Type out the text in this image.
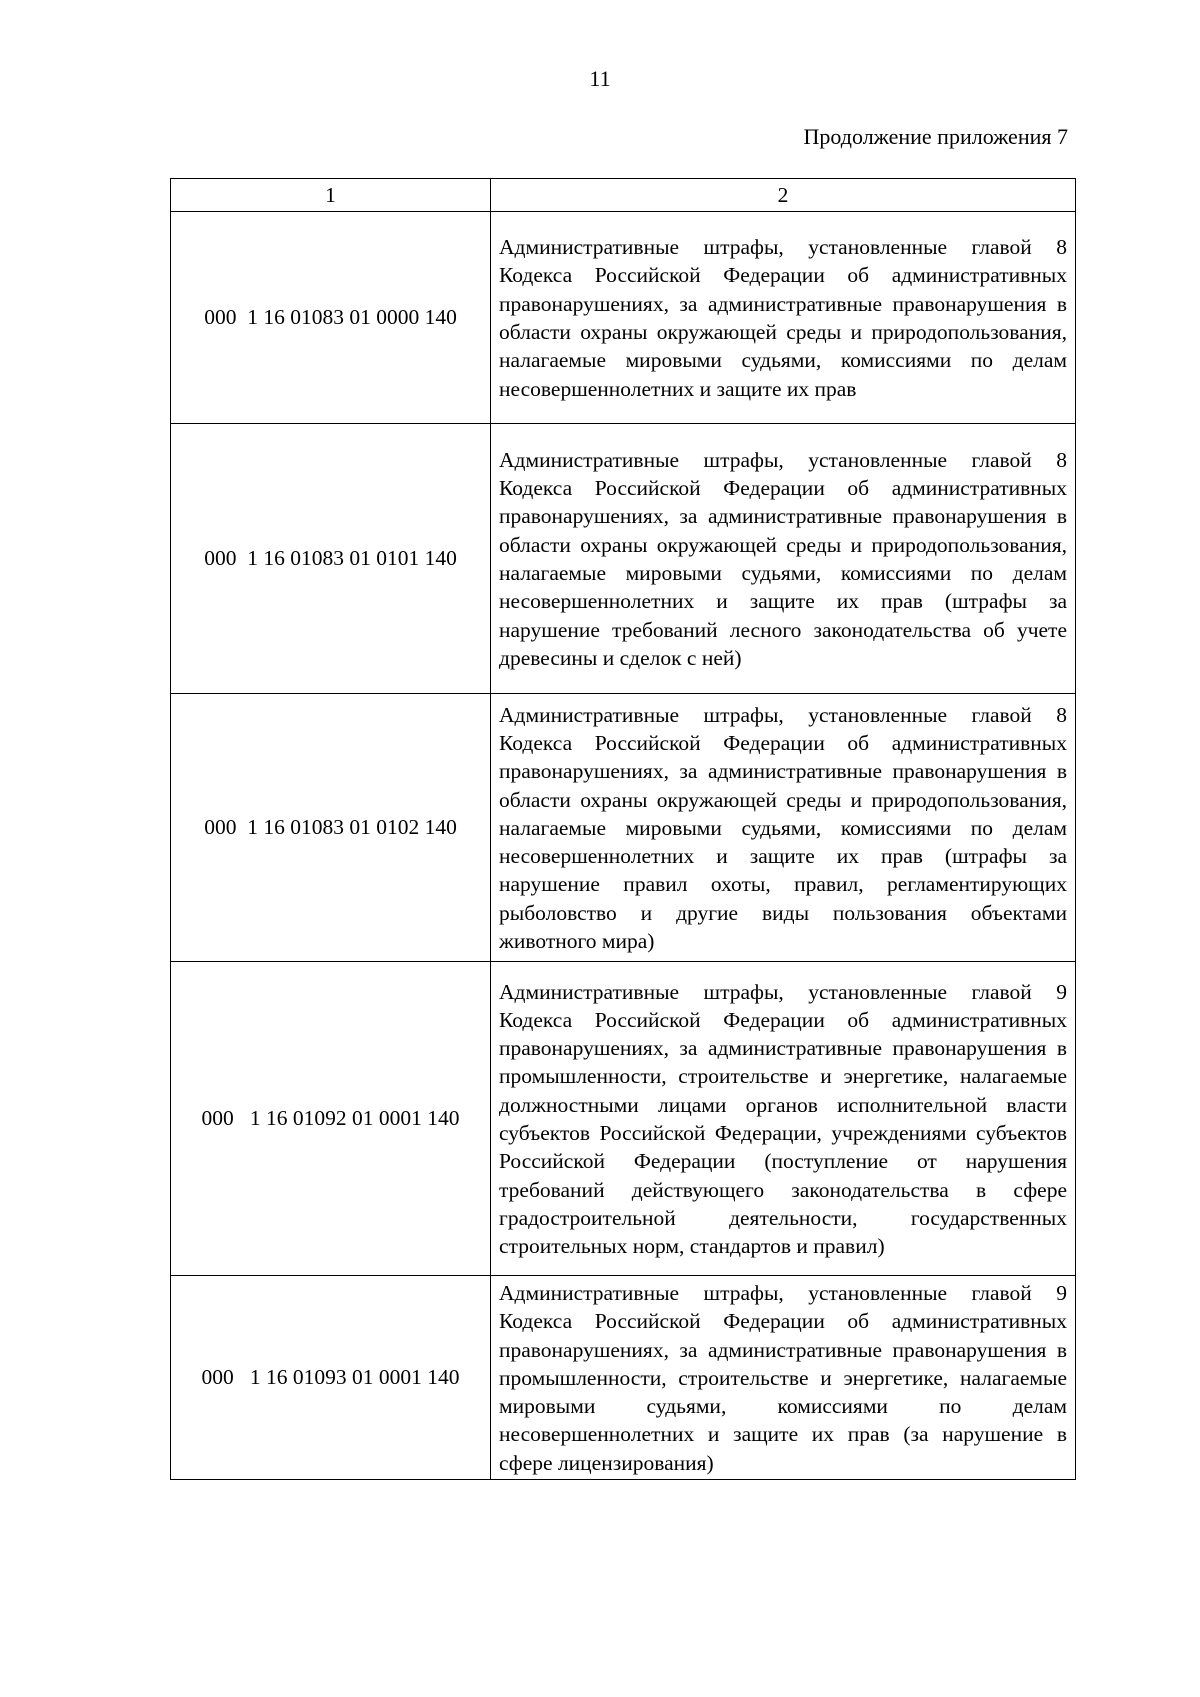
11
Продолжение приложения 7
1	2
000  1 16 01083 01 0000 140	Административные штрафы, установленные главой 8 Кодекса Российской Федерации об административных правонарушениях, за административные правонарушения в области охраны окружающей среды и природопользования, налагаемые мировыми судьями, комиссиями по делам несовершеннолетних и защите их прав
000  1 16 01083 01 0101 140	Административные штрафы, установленные главой 8 Кодекса Российской Федерации об административных правонарушениях, за административные правонарушения в области охраны окружающей среды и природопользования, налагаемые мировыми судьями, комиссиями по делам несовершеннолетних и защите их прав (штрафы за нарушение требований лесного законодательства об учете древесины и сделок с ней)
000  1 16 01083 01 0102 140	Административные штрафы, установленные главой 8 Кодекса Российской Федерации об административных правонарушениях, за административные правонарушения в области охраны окружающей среды и природопользования, налагаемые мировыми судьями, комиссиями по делам несовершеннолетних и защите их прав (штрафы за нарушение правил охоты, правил, регламентирующих рыболовство и другие виды пользования объектами животного мира)
000   1 16 01092 01 0001 140	Административные штрафы, установленные главой 9 Кодекса Российской Федерации об административных правонарушениях, за административные правонарушения в промышленности, строительстве и энергетике, налагаемые должностными лицами органов исполнительной власти субъектов Российской Федерации, учреждениями субъектов Российской Федерации (поступление от нарушения требований действующего законодательства в сфере градостроительной деятельности, государственных строительных норм, стандартов и правил)
000   1 16 01093 01 0001 140	Административные штрафы, установленные главой 9 Кодекса Российской Федерации об административных правонарушениях, за административные правонарушения в промышленности, строительстве и энергетике, налагаемые мировыми судьями, комиссиями по делам несовершеннолетних и защите их прав (за нарушение в сфере лицензирования)
